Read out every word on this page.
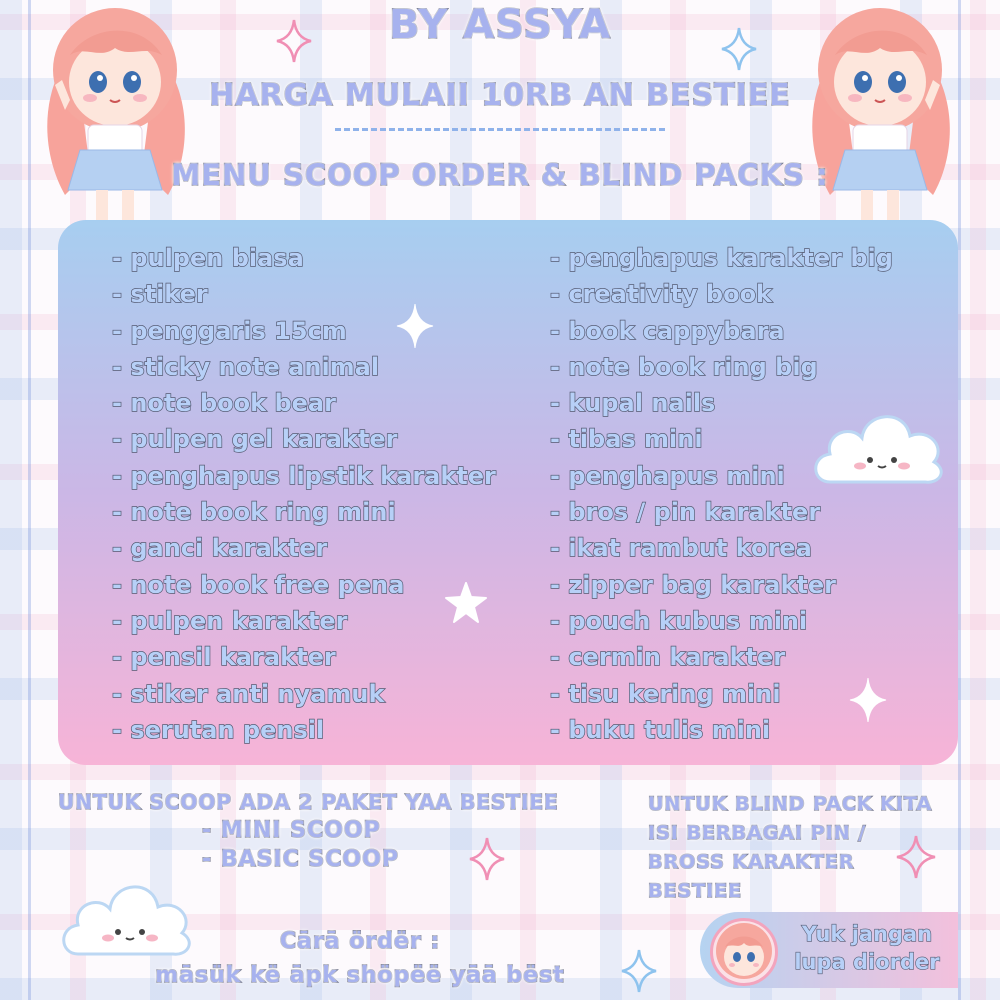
BY ASSYA
HARGA MULAII 10RB AN BESTIEE
MENU SCOOP ORDER & BLIND PACKS :
- pulpen biasa
- stiker
- penggaris 15cm
- sticky note animal
- note book bear
- pulpen gel karakter
- penghapus lipstik karakter
- note book ring mini
- ganci karakter
- note book free pena
- pulpen karakter
- pensil karakter
- stiker anti nyamuk
- serutan pensil
- penghapus karakter big
- creativity book
- book cappybara
- note book ring big
- kupal nails
- tibas mini
- penghapus mini
- bros / pin karakter
- ikat rambut korea
- zipper bag karakter
- pouch kubus mini
- cermin karakter
- tisu kering mini
- buku tulis mini
UNTUK SCOOP ADA 2 PAKET YAA BESTIEE
- MINI SCOOP
- BASIC SCOOP
UNTUK BLIND PACK KITA
ISI BERBAGAI PIN /
BROSS KARAKTER
BESTIEE
Cārā ördër :
māsük kë āpk shöpëë yāā bëst
Yuk jangan
lupa diorder
